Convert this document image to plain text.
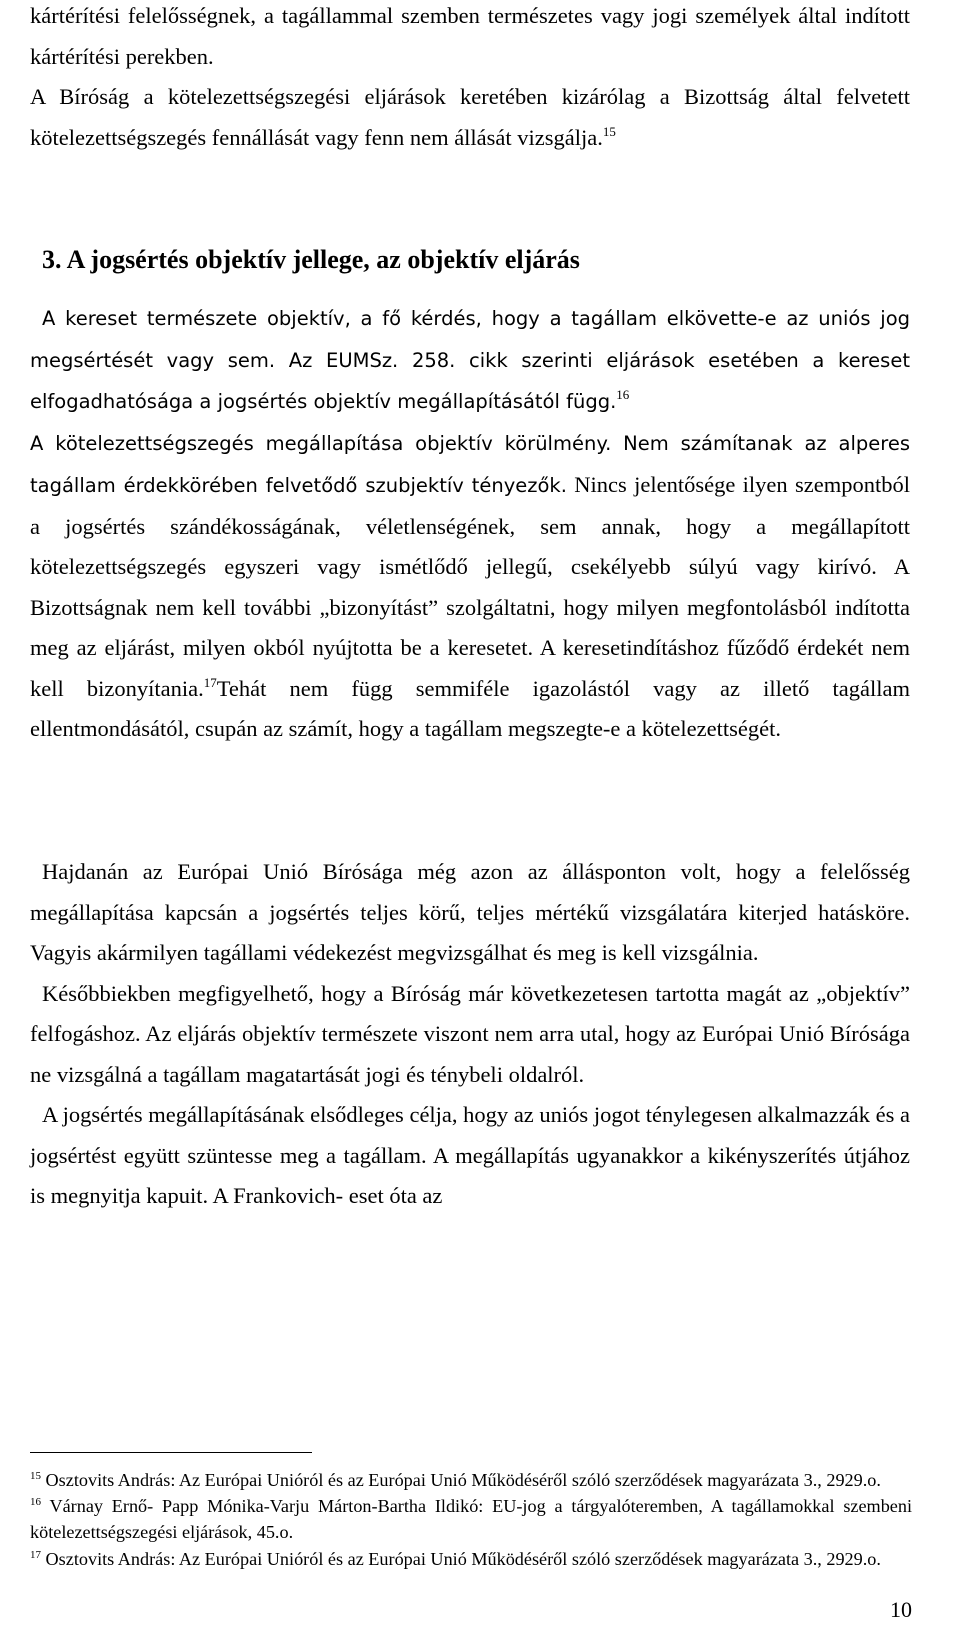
kártérítési felelősségnek, a tagállammal szemben természetes vagy jogi személyek által indított kártérítési perekben.

A Bíróság a kötelezettségszegési eljárások keretében kizárólag a Bizottság által felvetett kötelezettségszegés fennállását vagy fenn nem állását vizsgálja.$^{15}$

3. A jogsértés objektív jellege, az objektív eljárás

A kereset természete objektív, a fő kérdés, hogy a tagállam elkövette-e az uniós jog megsértését vagy sem. Az EUMSz. 258. cikk szerinti eljárások esetében a kereset elfogadhatósága a jogsértés objektív megállapításától függ.$^{16}$
A kötelezettségszegés megállapítása objektív körülmény. Nem számítanak az alperes tagállam érdekkörében felvetődő szubjektív tényezők. Nincs jelentősége ilyen szempontból a jogsértés szándékosságának, véletlenségének, sem annak, hogy a megállapított kötelezettségszegés egyszeri vagy ismétlődő jellegű, csekélyebb súlyú vagy kirívó. A Bizottságnak nem kell további „bizonyítást” szolgáltatni, hogy milyen megfontolásból indította meg az eljárást, milyen okból nyújtotta be a keresetet. A keresetindításhoz fűződő érdekét nem kell bizonyítania.$^{17}$Tehát nem függ semmiféle igazolástól vagy az illető tagállam ellentmondásától, csupán az számít, hogy a tagállam megszegte-e a kötelezettségét.

Hajdanán az Európai Unió Bírósága még azon az állásponton volt, hogy a felelősség megállapítása kapcsán a jogsértés teljes körű, teljes mértékű vizsgálatára kiterjed hatásköre. Vagyis akármilyen tagállami védekezést megvizsgálhat és meg is kell vizsgálnia.

Későbbiekben megfigyelhető, hogy a Bíróság már következetesen tartotta magát az „objektív” felfogáshoz. Az eljárás objektív természete viszont nem arra utal, hogy az Európai Unió Bírósága ne vizsgálná a tagállam magatartását jogi és ténybeli oldalról.

A jogsértés megállapításának elsődleges célja, hogy az uniós jogot ténylegesen alkalmazzák és a jogsértést együtt szüntesse meg a tagállam. A megállapítás ugyanakkor a kikényszerítés útjához is megnyitja kapuit. A Frankovich- eset óta az

$^{15}$ Osztovits András: Az Európai Unióról és az Európai Unió Működéséről szóló szerződések magyarázata 3., 2929.o.

$^{16}$ Várnay Ernő- Papp Mónika-Varju Márton-Bartha Ildikó: EU-jog a tárgyalóteremben, A tagállamokkal szembeni kötelezettségszegési eljárások, 45.o.

$^{17}$ Osztovits András: Az Európai Unióról és az Európai Unió Működéséről szóló szerződések magyarázata 3., 2929.o.

10
